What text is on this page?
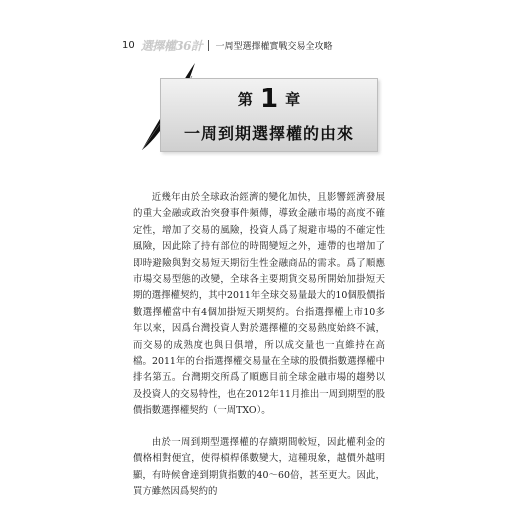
10 選擇權36計 一周型選擇權實戰交易全攻略
第 1 章
一周到期選擇權的由來

近幾年由於全球政治經濟的變化加快，且影響經濟發展的重大金融或政治突發事件頻傳，導致金融市場的高度不確定性，增加了交易的風險，投資人爲了規避市場的不確定性風險，因此除了持有部位的時間變短之外，連帶的也增加了即時避險與對交易短天期衍生性金融商品的需求。爲了順應市場交易型態的改變，全球各主要期貨交易所開始加掛短天期的選擇權契約，其中2011年全球交易量最大的10個股價指數選擇權當中有4個加掛短天期契約。台指選擇權上市10多年以來，因爲台灣投資人對於選擇權的交易熱度始終不減，而交易的成熟度也與日俱增，所以成交量也一直維持在高檔。2011年的台指選擇權交易量在全球的股價指數選擇權中排名第五。台灣期交所爲了順應目前全球金融市場的趨勢以及投資人的交易特性，也在2012年11月推出一周到期型的股價指數選擇權契約（一周TXO）。

由於一周到期型選擇權的存續期間較短，因此權利金的價格相對便宜，使得槓桿係數變大，這種現象，越價外越明顯，有時候會達到期貨指數的40～60倍，甚至更大。因此，買方雖然因爲契約的
